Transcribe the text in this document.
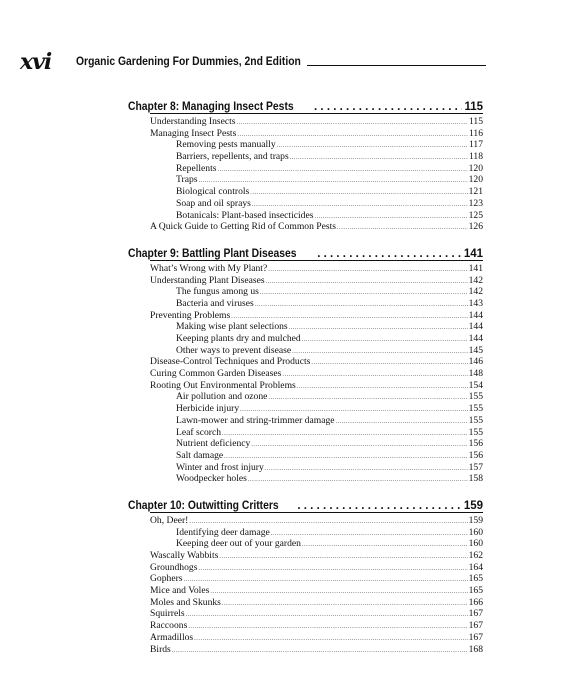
xvi Organic Gardening For Dummies, 2nd Edition
Chapter 8: Managing Insect Pests . . .	115
Understanding Insects .....	115
Managing Insect Pests .....	116
Removing pests manually .....	117
Barriers, repellents, and traps .....	118
Repellents .....	120
Traps .....	120
Biological controls .....	121
Soap and oil sprays .....	123
Botanicals: Plant-based insecticides .....	125
A Quick Guide to Getting Rid of Common Pests .....	126
Chapter 9: Battling Plant Diseases . . .	141
What’s Wrong with My Plant? .....	141
Understanding Plant Diseases .....	142
The fungus among us .....	142
Bacteria and viruses .....	143
Preventing Problems .....	144
Making wise plant selections .....	144
Keeping plants dry and mulched .....	144
Other ways to prevent disease .....	145
Disease-Control Techniques and Products .....	146
Curing Common Garden Diseases .....	148
Rooting Out Environmental Problems .....	154
Air pollution and ozone .....	155
Herbicide injury .....	155
Lawn-mower and string-trimmer damage .....	155
Leaf scorch .....	155
Nutrient deficiency .....	156
Salt damage .....	156
Winter and frost injury .....	157
Woodpecker holes .....	158
Chapter 10: Outwitting Critters . . .	159
Oh, Deer! .....	159
Identifying deer damage .....	160
Keeping deer out of your garden .....	160
Wascally Wabbits .....	162
Groundhogs .....	164
Gophers .....	165
Mice and Voles .....	165
Moles and Skunks .....	166
Squirrels .....	167
Raccoons .....	167
Armadillos .....	167
Birds .....	168
